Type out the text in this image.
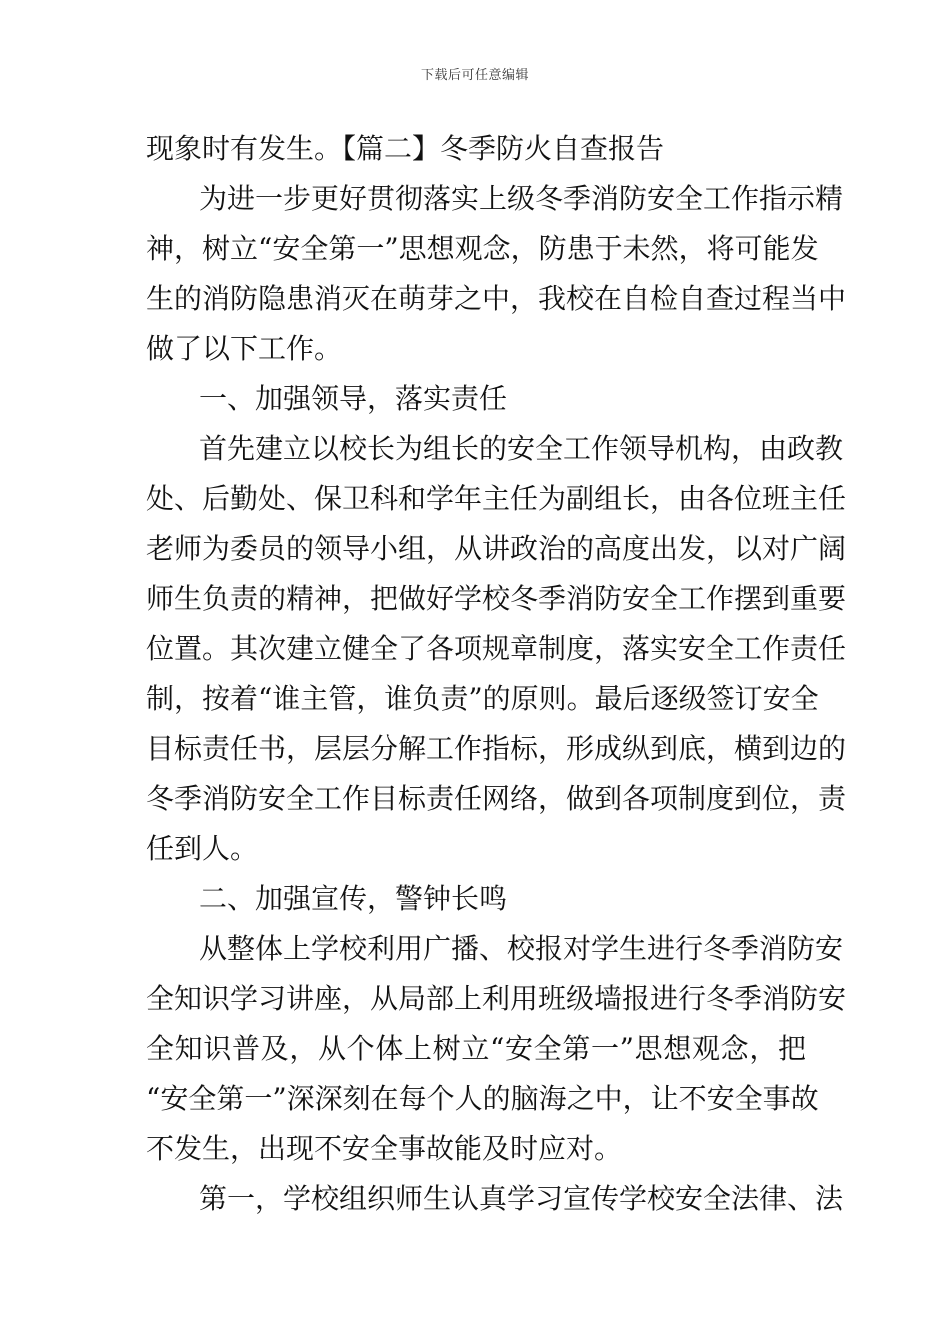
下载后可任意编辑
现象时有发生。【篇二】冬季防火自查报告
为进一步更好贯彻落实上级冬季消防安全工作指示精
神，树立“安全第一”思想观念，防患于未然，将可能发
生的消防隐患消灭在萌芽之中，我校在自检自查过程当中
做了以下工作。
一、加强领导，落实责任
首先建立以校长为组长的安全工作领导机构，由政教
处、后勤处、保卫科和学年主任为副组长，由各位班主任
老师为委员的领导小组，从讲政治的高度出发，以对广阔
师生负责的精神，把做好学校冬季消防安全工作摆到重要
位置。其次建立健全了各项规章制度，落实安全工作责任
制，按着“谁主管，谁负责”的原则。最后逐级签订安全
目标责任书，层层分解工作指标，形成纵到底，横到边的
冬季消防安全工作目标责任网络，做到各项制度到位，责
任到人。
二、加强宣传，警钟长鸣
从整体上学校利用广播、校报对学生进行冬季消防安
全知识学习讲座，从局部上利用班级墙报进行冬季消防安
全知识普及，从个体上树立“安全第一”思想观念，把
“安全第一”深深刻在每个人的脑海之中，让不安全事故
不发生，出现不安全事故能及时应对。
第一，学校组织师生认真学习宣传学校安全法律、法
